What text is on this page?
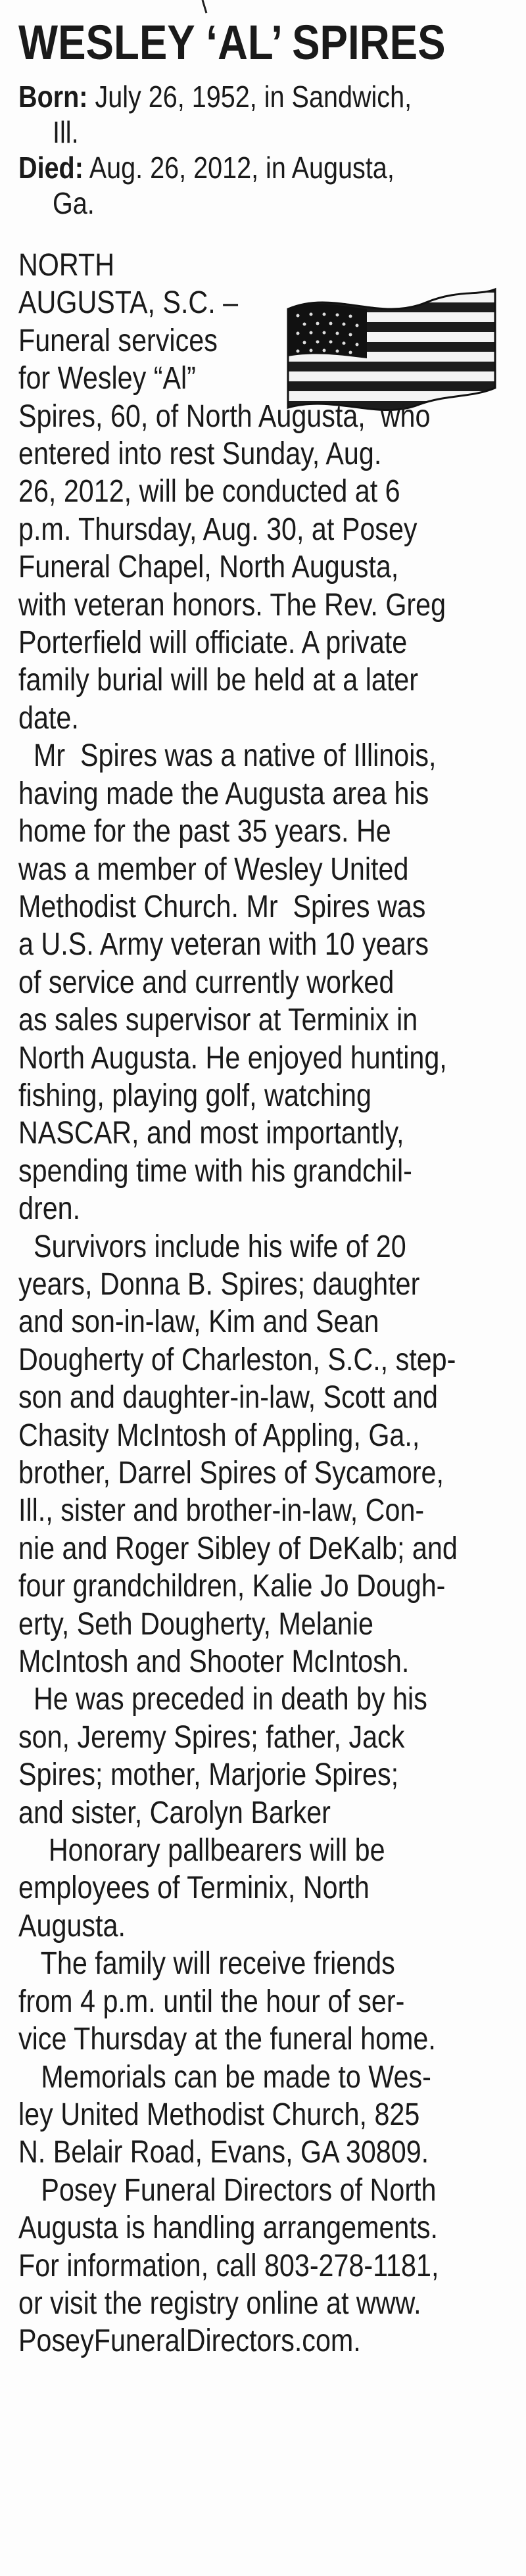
WESLEY ‘AL’ SPIRES
Born: July 26, 1952, in Sandwich,
Ill.
Died: Aug. 26, 2012, in Augusta,
Ga.
NORTH
AUGUSTA, S.C. –
Funeral services
for Wesley “Al”
Spires, 60, of North Augusta,  who
entered into rest Sunday, Aug.
26, 2012, will be conducted at 6
p.m. Thursday, Aug. 30, at Posey
Funeral Chapel, North Augusta,
with veteran honors. The Rev. Greg
Porterfield will officiate. A private
family burial will be held at a later
date.
Mr  Spires was a native of Illinois,
having made the Augusta area his
home for the past 35 years. He
was a member of Wesley United
Methodist Church. Mr  Spires was
a U.S. Army veteran with 10 years
of service and currently worked
as sales supervisor at Terminix in
North Augusta. He enjoyed hunting,
fishing, playing golf, watching
NASCAR, and most importantly,
spending time with his grandchil-
dren.
Survivors include his wife of 20
years, Donna B. Spires; daughter
and son-in-law, Kim and Sean
Dougherty of Charleston, S.C., step-
son and daughter-in-law, Scott and
Chasity McIntosh of Appling, Ga.,
brother, Darrel Spires of Sycamore,
Ill., sister and brother-in-law, Con-
nie and Roger Sibley of DeKalb; and
four grandchildren, Kalie Jo Dough-
erty, Seth Dougherty, Melanie
McIntosh and Shooter McIntosh.
He was preceded in death by his
son, Jeremy Spires; father, Jack
Spires; mother, Marjorie Spires;
and sister, Carolyn Barker
Honorary pallbearers will be
employees of Terminix, North
Augusta.
The family will receive friends
from 4 p.m. until the hour of ser-
vice Thursday at the funeral home.
Memorials can be made to Wes-
ley United Methodist Church, 825
N. Belair Road, Evans, GA 30809.
Posey Funeral Directors of North
Augusta is handling arrangements.
For information, call 803-278-1181,
or visit the registry online at www.
PoseyFuneralDirectors.com.
